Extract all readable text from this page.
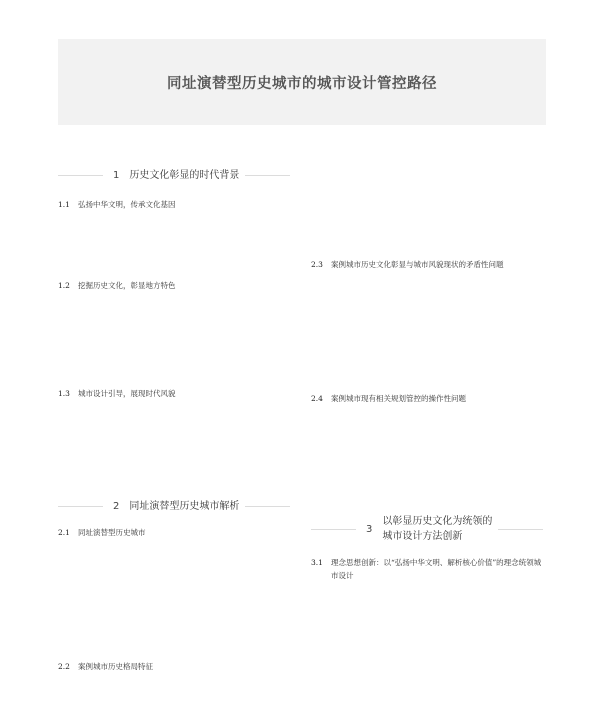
同址演替型历史城市的城市设计管控路径
1 历史文化彰显的时代背景
1.1	弘扬中华文明，传承文化基因
1.2	挖掘历史文化，彰显地方特色
1.3	城市设计引导，展现时代风貌
2 同址演替型历史城市解析
2.1	同址演替型历史城市
2.2	案例城市历史格局特征
2.3	案例城市历史文化彰显与城市风貌现状的矛盾性问题
2.4	案例城市现有相关规划管控的操作性问题
3
以彰显历史文化为统领的
城市设计方法创新
3.1	理念思想创新：以“弘扬中华文明、解析核心价值”的理念统领城市设计
